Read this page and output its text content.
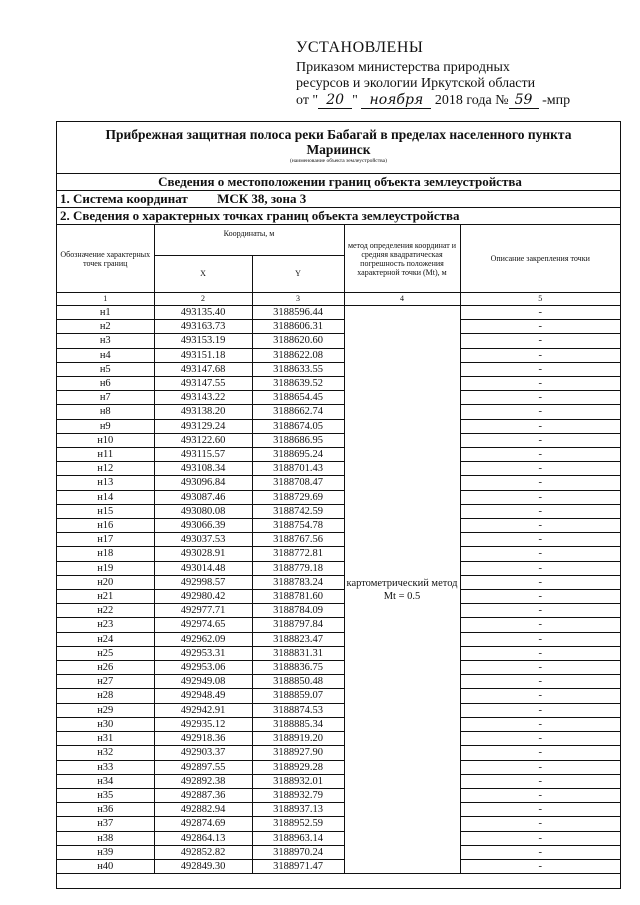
УСТАНОВЛЕНЫ
Приказом министерства природных
ресурсов и экологии Иркутской области
от " 20 " ноября 2018 года № 59 -мпр
Прибрежная защитная полоса реки Бабагай в пределах населенного пункта
Мариинск
(наименование объекта землеустройства)
Сведения о местоположении границ объекта землеустройства
1. Система координат МСК 38, зона 3
2. Сведения о характерных точках границ объекта землеустройства
Обозначение характерных точек границ	Координаты, м		метод определения координат и средняя квадратическая погрешность положения характерной точки (Mt), м	Описание закрепления точки
	X	Y		
1	2	3	4	5
н1	493135.40	3188596.44	картометрический метод Mt = 0.5	-
н2	493163.73	3188606.31		-
н3	493153.19	3188620.60		-
н4	493151.18	3188622.08		-
н5	493147.68	3188633.55		-
н6	493147.55	3188639.52		-
н7	493143.22	3188654.45		-
н8	493138.20	3188662.74		-
н9	493129.24	3188674.05		-
н10	493122.60	3188686.95		-
н11	493115.57	3188695.24		-
н12	493108.34	3188701.43		-
н13	493096.84	3188708.47		-
н14	493087.46	3188729.69		-
н15	493080.08	3188742.59		-
н16	493066.39	3188754.78		-
н17	493037.53	3188767.56		-
н18	493028.91	3188772.81		-
н19	493014.48	3188779.18		-
н20	492998.57	3188783.24		-
н21	492980.42	3188781.60		-
н22	492977.71	3188784.09		-
н23	492974.65	3188797.84		-
н24	492962.09	3188823.47		-
н25	492953.31	3188831.31		-
н26	492953.06	3188836.75		-
н27	492949.08	3188850.48		-
н28	492948.49	3188859.07		-
н29	492942.91	3188874.53		-
н30	492935.12	3188885.34		-
н31	492918.36	3188919.20		-
н32	492903.37	3188927.90		-
н33	492897.55	3188929.28		-
н34	492892.38	3188932.01		-
н35	492887.36	3188932.79		-
н36	492882.94	3188937.13		-
н37	492874.69	3188952.59		-
н38	492864.13	3188963.14		-
н39	492852.82	3188970.24		-
н40	492849.30	3188971.47		-
